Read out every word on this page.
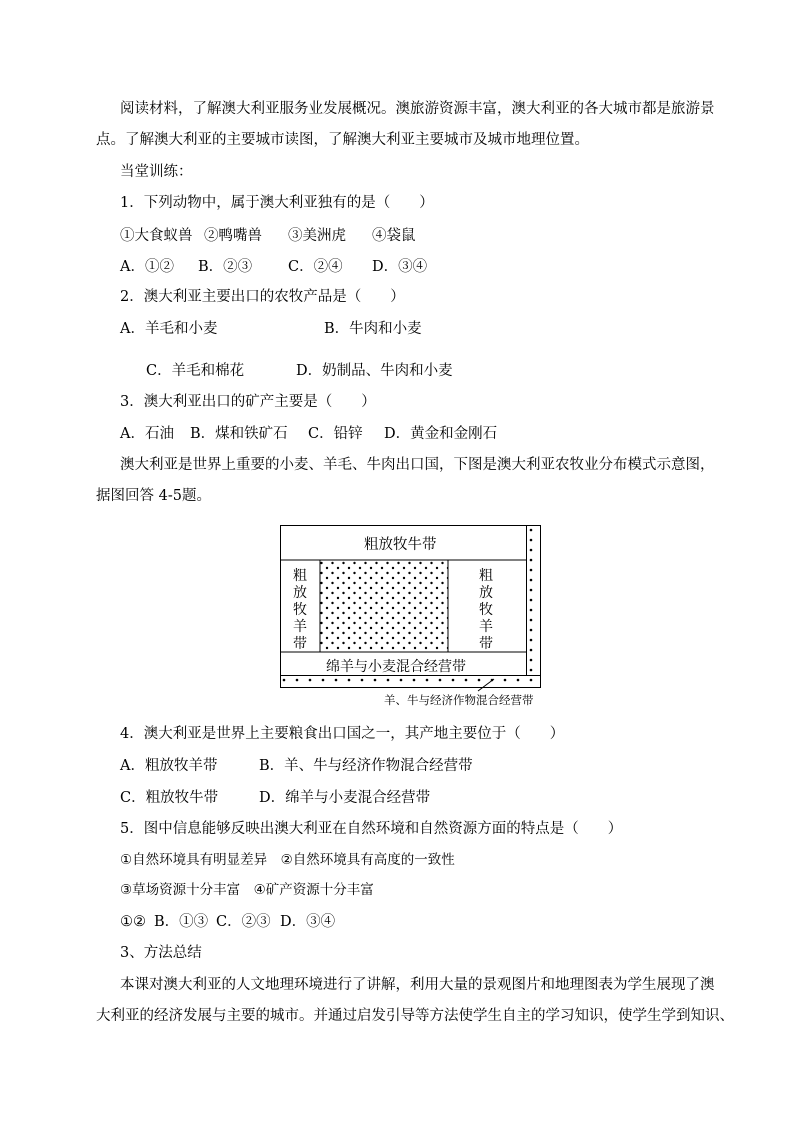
阅读材料，了解澳大利亚服务业发展概况。澳旅游资源丰富，澳大利亚的各大城市都是旅游景
点。了解澳大利亚的主要城市读图，了解澳大利亚主要城市及城市地理位置。
当堂训练：
1．下列动物中，属于澳大利亚独有的是（　　）
①大食蚁兽 ②鸭嘴兽 ③美洲虎 ④袋鼠
A．①② B．②③ C．②④ D．③④
2．澳大利亚主要出口的农牧产品是（　　）
A．羊毛和小麦	B．牛肉和小麦
C．羊毛和棉花	D．奶制品、牛肉和小麦
3．澳大利亚出口的矿产主要是（　　）
A．石油 B．煤和铁矿石 C．铅锌 D．黄金和金刚石
澳大利亚是世界上重要的小麦、羊毛、牛肉出口国，下图是澳大利亚农牧业分布模式示意图，
据图回答 4-5题。
粗放牧牛带
粗放牧羊带
粗放牧羊带
绵羊与小麦混合经营带
羊、牛与经济作物混合经营带
4．澳大利亚是世界上主要粮食出口国之一，其产地主要位于（　　）
A．粗放牧羊带	B．羊、牛与经济作物混合经营带
C．粗放牧牛带	D．绵羊与小麦混合经营带
5．图中信息能够反映出澳大利亚在自然环境和自然资源方面的特点是（　　）
①自然环境具有明显差异　②自然环境具有高度的一致性
③草场资源十分丰富　④矿产资源十分丰富
①② B．①③ C．②③ D．③④
3、方法总结
本课对澳大利亚的人文地理环境进行了讲解，利用大量的景观图片和地理图表为学生展现了澳
大利亚的经济发展与主要的城市。并通过启发引导等方法使学生自主的学习知识，使学生学到知识、
